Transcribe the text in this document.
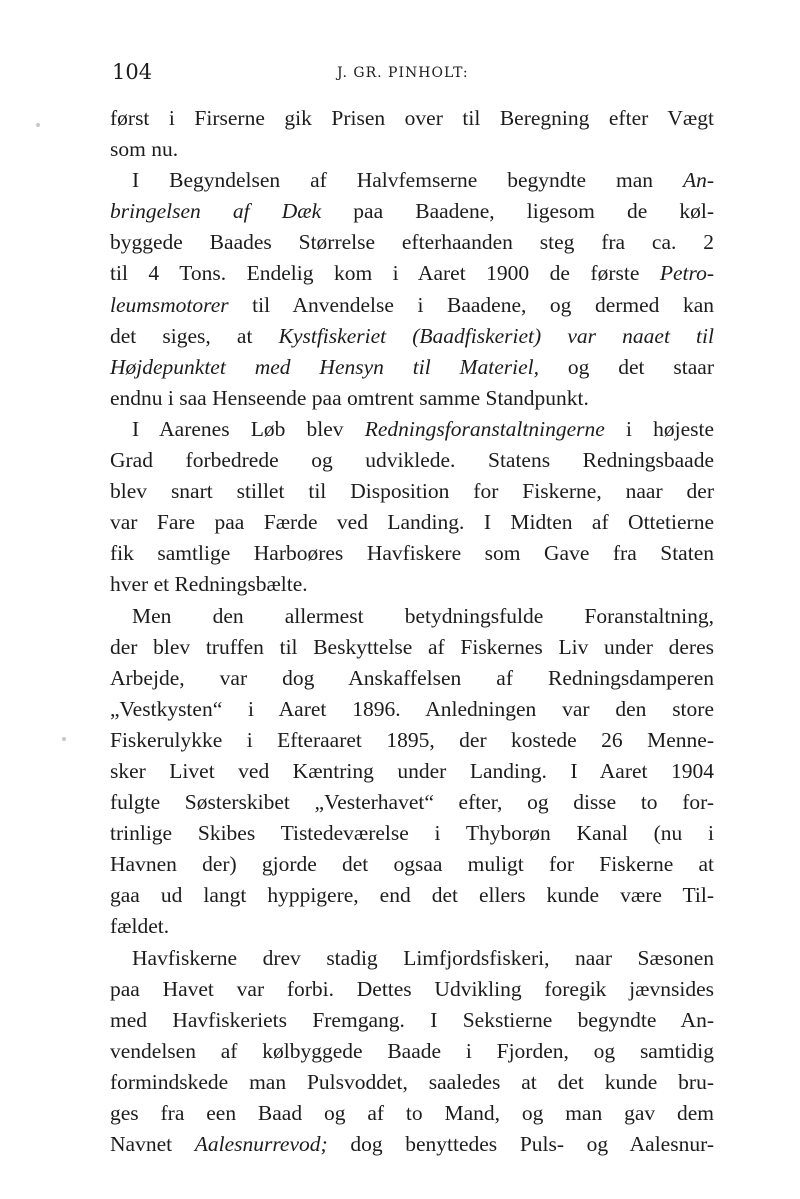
104	J. GR. PINHOLT:
først i Firserne gik Prisen over til Beregning efter Vægt
som nu.
I Begyndelsen af Halvfemserne begyndte man An-
bringelsen af Dæk paa Baadene, ligesom de køl-
byggede Baades Størrelse efterhaanden steg fra ca. 2
til 4 Tons. Endelig kom i Aaret 1900 de første Petro-
leumsmotorer til Anvendelse i Baadene, og dermed kan
det siges, at Kystfiskeriet (Baadfiskeriet) var naaet til
Højdepunktet med Hensyn til Materiel, og det staar
endnu i saa Henseende paa omtrent samme Standpunkt.
I Aarenes Løb blev Redningsforanstaltningerne i højeste
Grad forbedrede og udviklede. Statens Redningsbaade
blev snart stillet til Disposition for Fiskerne, naar der
var Fare paa Færde ved Landing. I Midten af Ottetierne
fik samtlige Harboøres Havfiskere som Gave fra Staten
hver et Redningsbælte.
Men den allermest betydningsfulde Foranstaltning,
der blev truffen til Beskyttelse af Fiskernes Liv under deres
Arbejde, var dog Anskaffelsen af Redningsdamperen
„Vestkysten“ i Aaret 1896. Anledningen var den store
Fiskerulykke i Efteraaret 1895, der kostede 26 Menne-
sker Livet ved Kæntring under Landing. I Aaret 1904
fulgte Søsterskibet „Vesterhavet“ efter, og disse to for-
trinlige Skibes Tistedeværelse i Thyborøn Kanal (nu i
Havnen der) gjorde det ogsaa muligt for Fiskerne at
gaa ud langt hyppigere, end det ellers kunde være Til-
fældet.
Havfiskerne drev stadig Limfjordsfiskeri, naar Sæsonen
paa Havet var forbi. Dettes Udvikling foregik jævnsides
med Havfiskeriets Fremgang. I Sekstierne begyndte An-
vendelsen af kølbyggede Baade i Fjorden, og samtidig
formindskede man Pulsvoddet, saaledes at det kunde bru-
ges fra een Baad og af to Mand, og man gav dem
Navnet Aalesnurrevod; dog benyttedes Puls- og Aalesnur-
